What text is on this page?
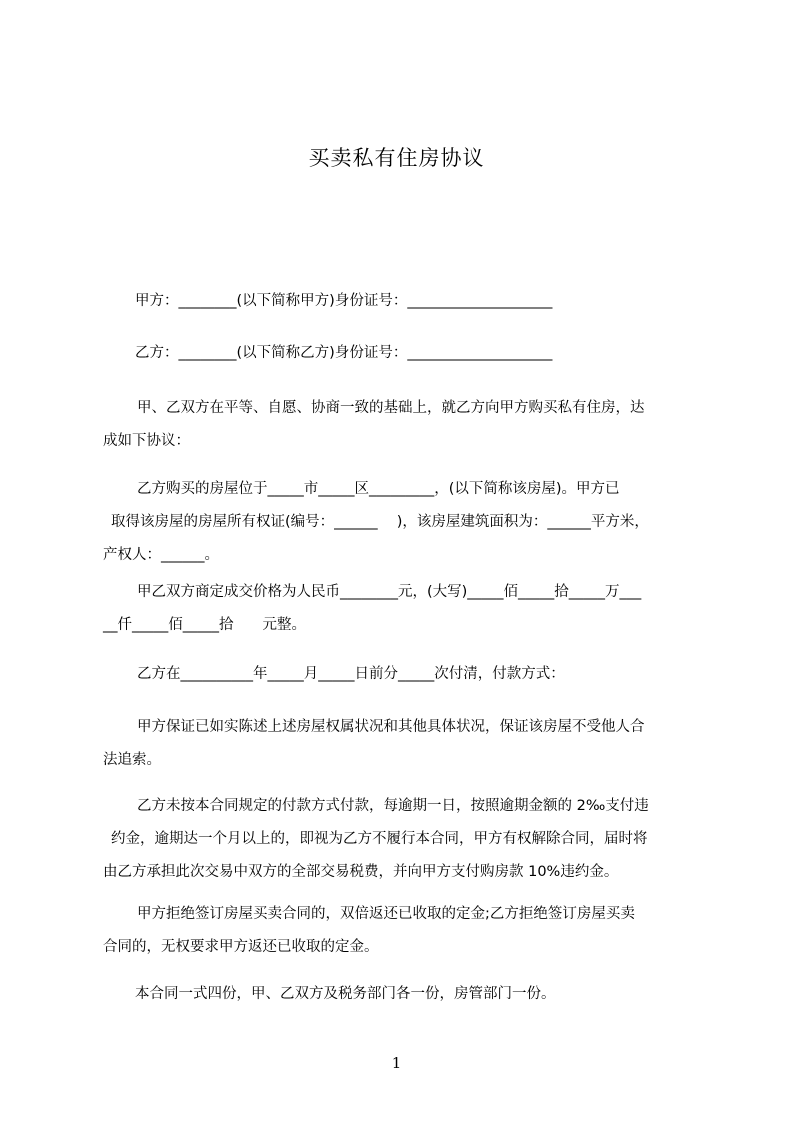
买卖私有住房协议
甲方：________(以下简称甲方)身份证号：____________________
乙方：________(以下简称乙方)身份证号：____________________
甲、乙双方在平等、自愿、协商一致的基础上，就乙方向甲方购买私有住房，达
成如下协议：
乙方购买的房屋位于_____市_____区_________，(以下简称该房屋)。甲方已
取得该房屋的房屋所有权证(编号：______　 )，该房屋建筑面积为：______平方米，
产权人：______。
甲乙双方商定成交价格为人民币________元，(大写)_____佰_____拾_____万___
__仟_____佰_____拾　　元整。
乙方在__________年_____月_____日前分_____次付清，付款方式：
甲方保证已如实陈述上述房屋权属状况和其他具体状况，保证该房屋不受他人合
法追索。
乙方未按本合同规定的付款方式付款，每逾期一日，按照逾期金额的 2‰支付违
约金，逾期达一个月以上的，即视为乙方不履行本合同，甲方有权解除合同，届时将
由乙方承担此次交易中双方的全部交易税费，并向甲方支付购房款 10%违约金。
甲方拒绝签订房屋买卖合同的，双倍返还已收取的定金;乙方拒绝签订房屋买卖
合同的，无权要求甲方返还已收取的定金。
本合同一式四份，甲、乙双方及税务部门各一份，房管部门一份。
1
